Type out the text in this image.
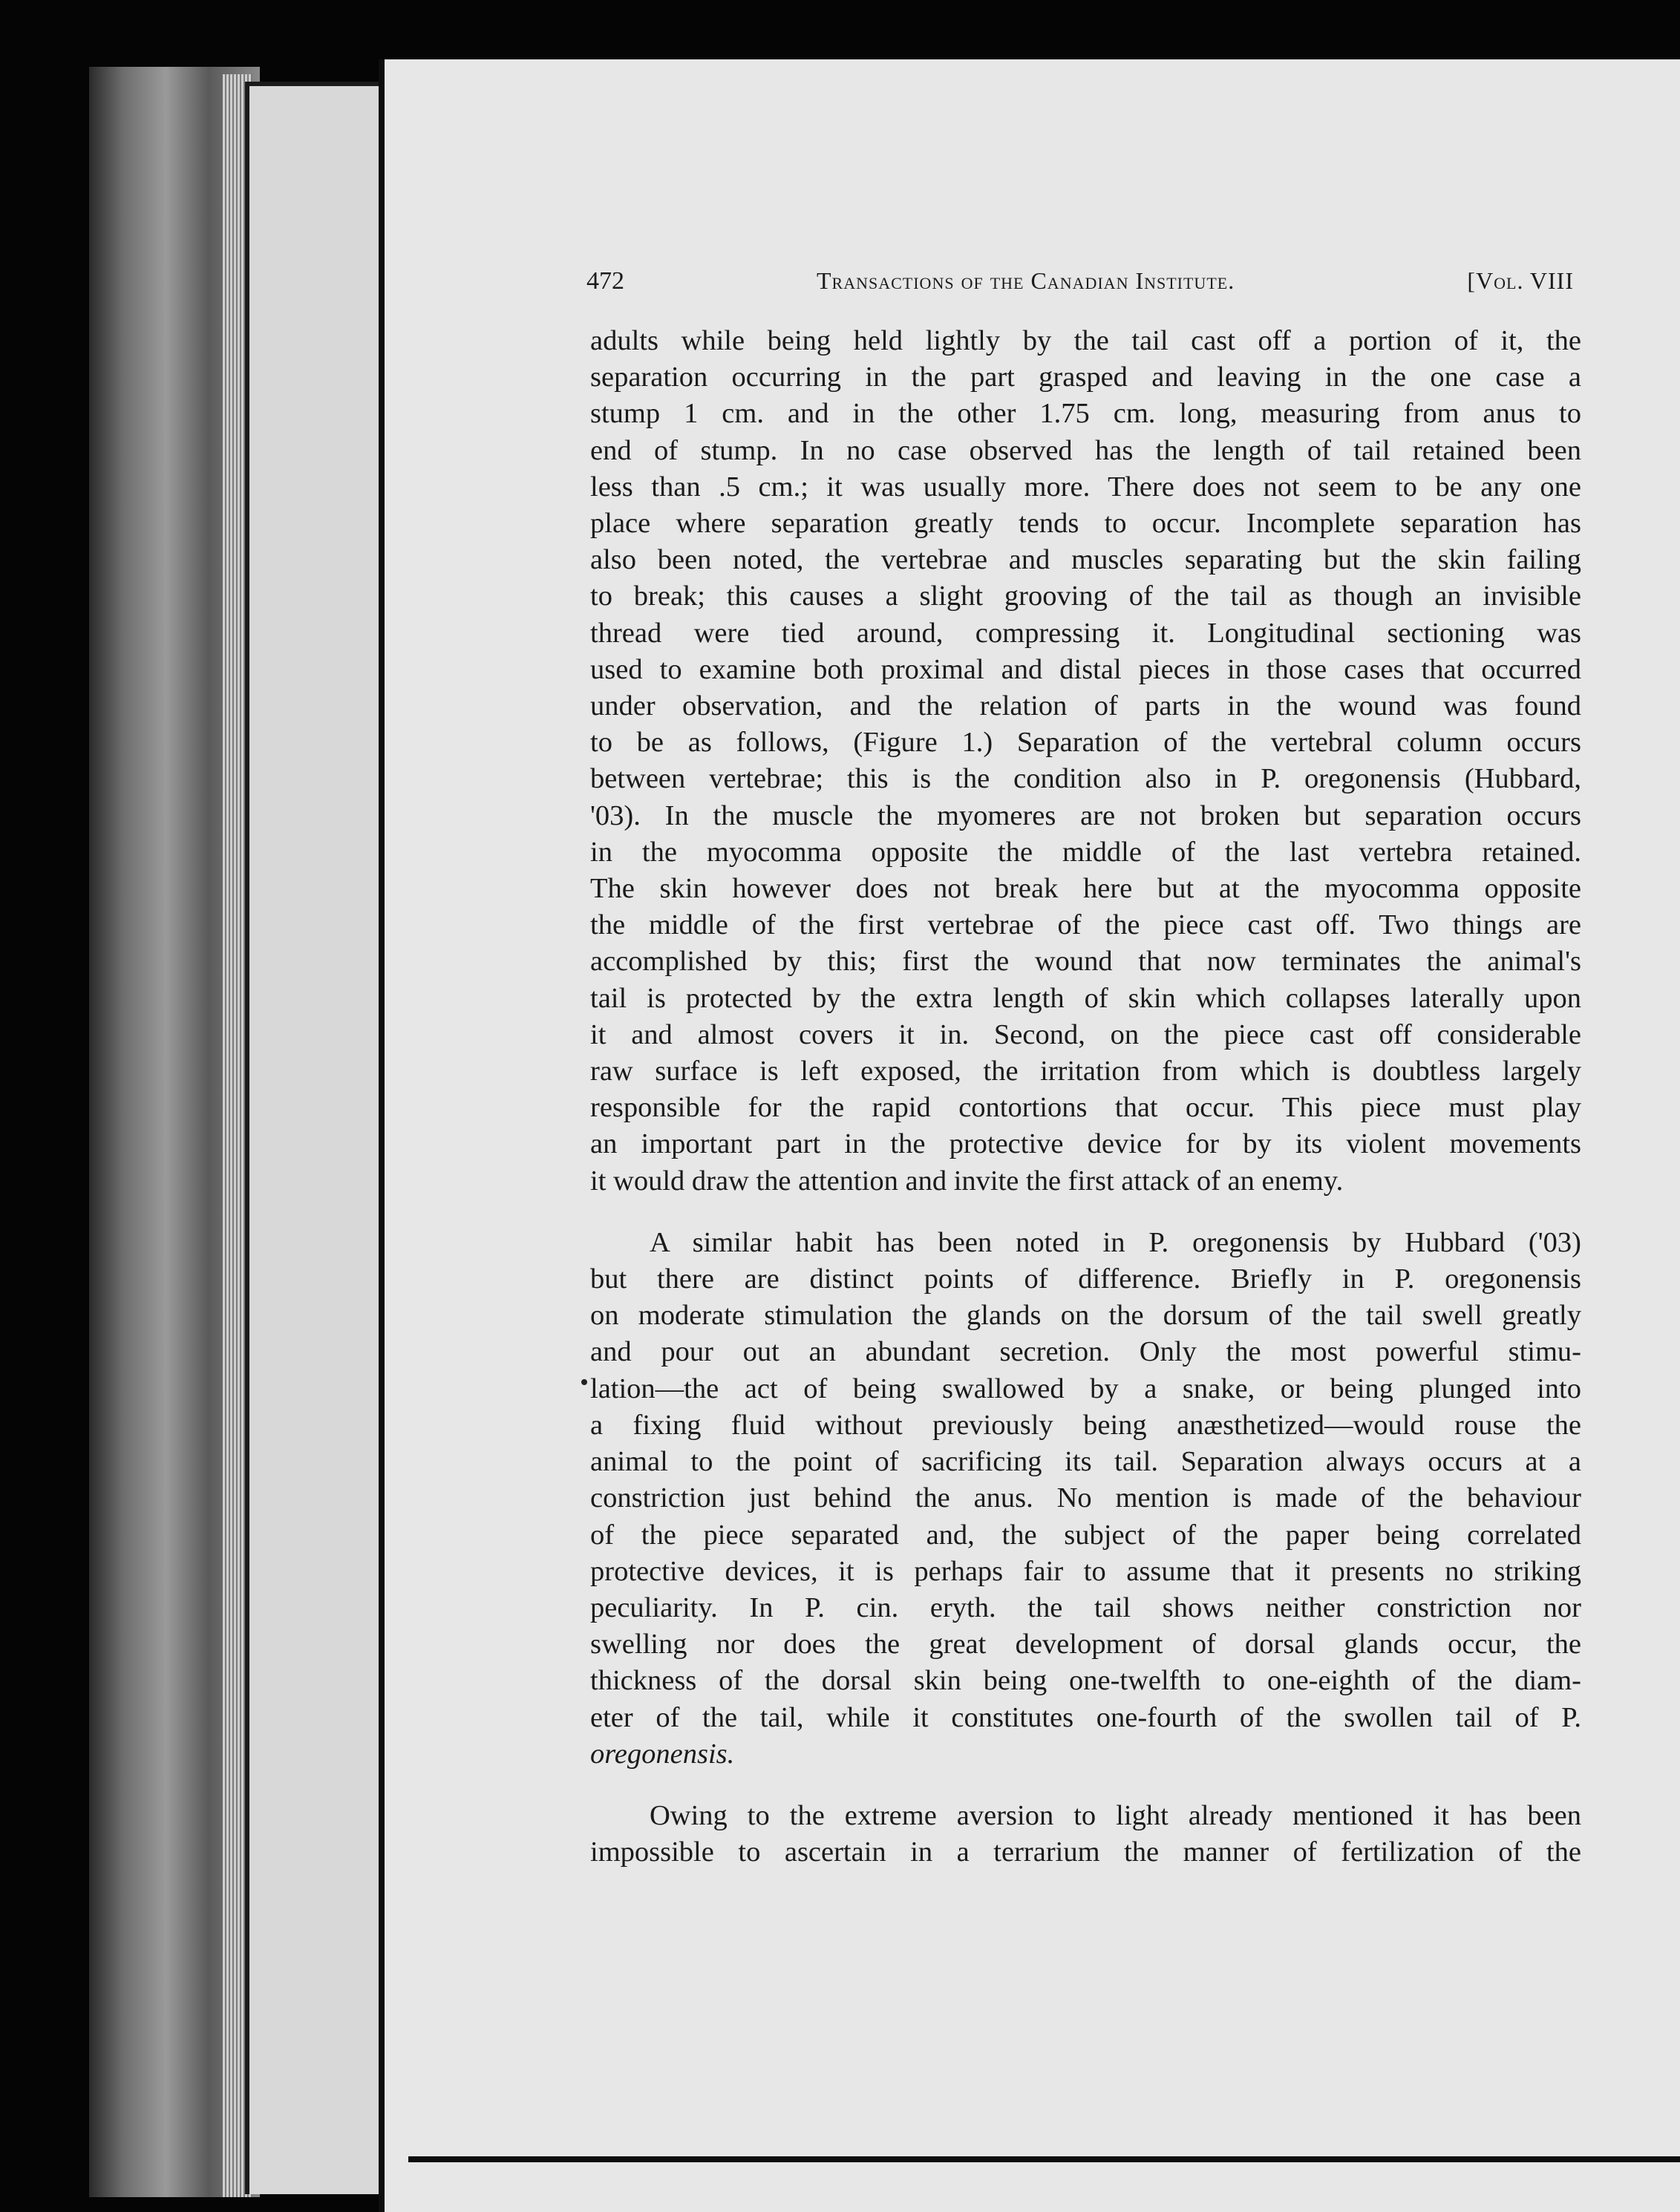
472	Transactions of the Canadian Institute.	[Vol. VIII
adults while being held lightly by the tail cast off a portion of it, the
separation occurring in the part grasped and leaving in the one case a
stump 1 cm. and in the other 1.75 cm. long, measuring from anus to
end of stump. In no case observed has the length of tail retained been
less than .5 cm.; it was usually more. There does not seem to be any one
place where separation greatly tends to occur. Incomplete separation has
also been noted, the vertebrae and muscles separating but the skin failing
to break; this causes a slight grooving of the tail as though an invisible
thread were tied around, compressing it. Longitudinal sectioning was
used to examine both proximal and distal pieces in those cases that occurred
under observation, and the relation of parts in the wound was found
to be as follows, (Figure 1.) Separation of the vertebral column occurs
between vertebrae; this is the condition also in P. oregonensis (Hubbard,
'03). In the muscle the myomeres are not broken but separation occurs
in the myocomma opposite the middle of the last vertebra retained.
The skin however does not break here but at the myocomma opposite
the middle of the first vertebrae of the piece cast off. Two things are
accomplished by this; first the wound that now terminates the animal's
tail is protected by the extra length of skin which collapses laterally upon
it and almost covers it in. Second, on the piece cast off considerable
raw surface is left exposed, the irritation from which is doubtless largely
responsible for the rapid contortions that occur. This piece must play
an important part in the protective device for by its violent movements
it would draw the attention and invite the first attack of an enemy.
A similar habit has been noted in P. oregonensis by Hubbard ('03)
but there are distinct points of difference. Briefly in P. oregonensis
on moderate stimulation the glands on the dorsum of the tail swell greatly
and pour out an abundant secretion. Only the most powerful stimu-
lation—the act of being swallowed by a snake, or being plunged into
a fixing fluid without previously being anæsthetized—would rouse the
animal to the point of sacrificing its tail. Separation always occurs at a
constriction just behind the anus. No mention is made of the behaviour
of the piece separated and, the subject of the paper being correlated
protective devices, it is perhaps fair to assume that it presents no striking
peculiarity. In P. cin. eryth. the tail shows neither constriction nor
swelling nor does the great development of dorsal glands occur, the
thickness of the dorsal skin being one-twelfth to one-eighth of the diam-
eter of the tail, while it constitutes one-fourth of the swollen tail of P.
oregonensis.
Owing to the extreme aversion to light already mentioned it has been
impossible to ascertain in a terrarium the manner of fertilization of the
